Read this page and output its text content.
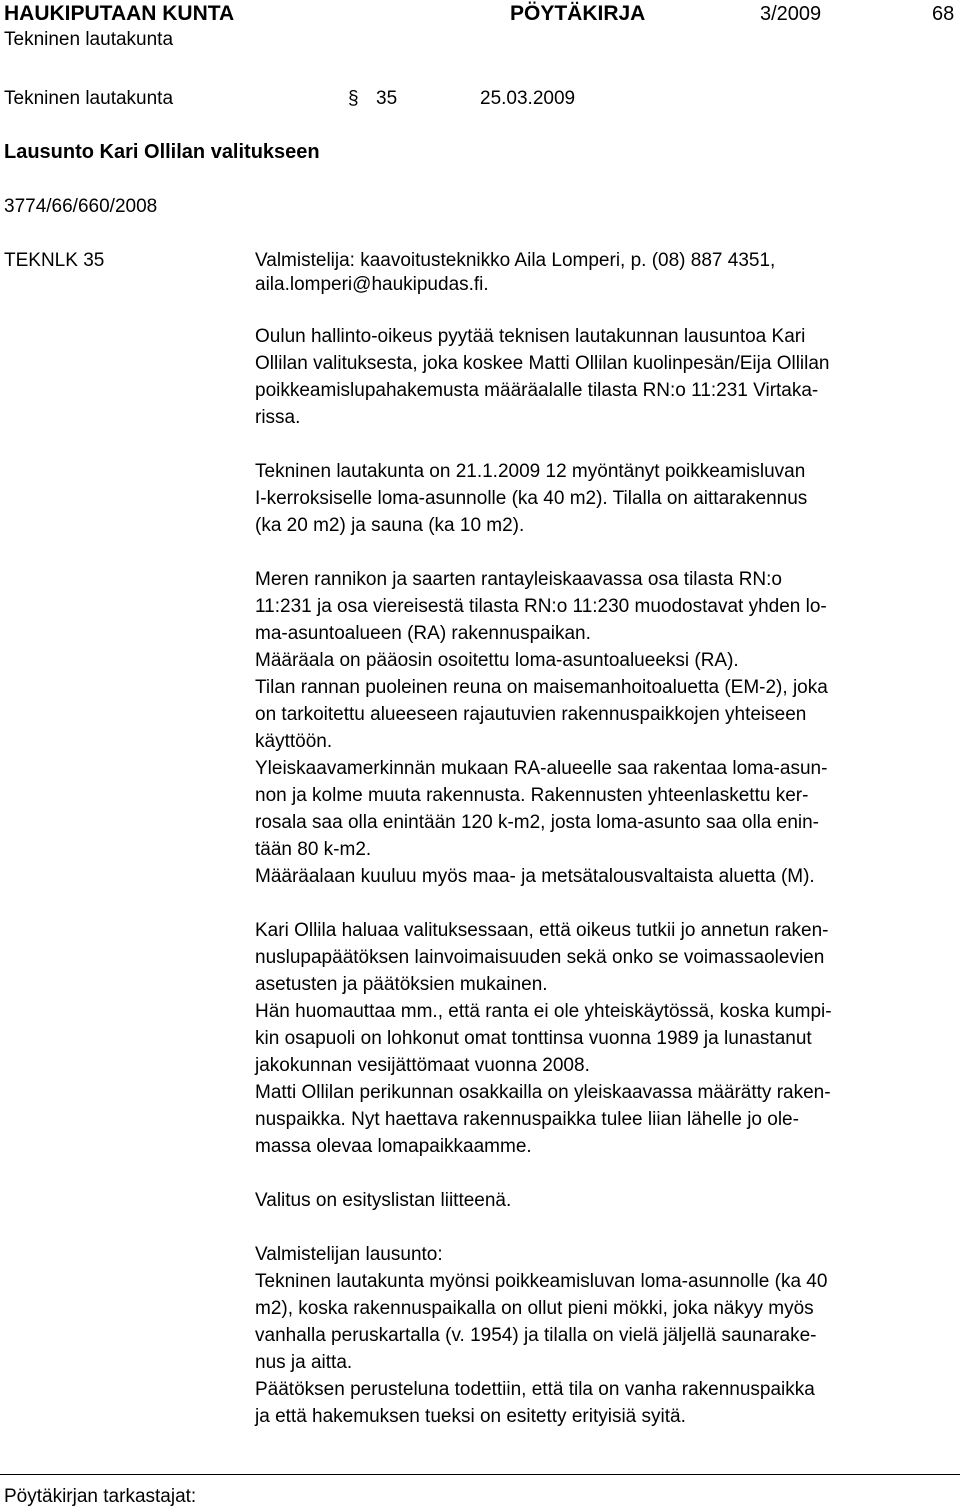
HAUKIPUTAAN KUNTA	PÖYTÄKIRJA	3/2009	68
Tekninen lautakunta
Tekninen lautakunta	§ 35	25.03.2009
Lausunto Kari Ollilan valitukseen
3774/66/660/2008
TEKNLK 35	Valmistelija: kaavoitusteknikko Aila Lomperi, p. (08) 887 4351,
aila.lomperi@haukipudas.fi.
Oulun hallinto-oikeus pyytää teknisen lautakunnan lausuntoa Kari
Ollilan valituksesta, joka koskee Matti Ollilan kuolinpesän/Eija Ollilan
poikkeamislupahakemusta määräalalle tilasta RN:o 11:231 Virtaka-
rissa.
Tekninen lautakunta on 21.1.2009 12 myöntänyt poikkeamisluvan
I-kerroksiselle loma-asunnolle (ka 40 m2). Tilalla on aittarakennus
(ka 20 m2) ja sauna (ka 10 m2).
Meren rannikon ja saarten rantayleiskaavassa osa tilasta RN:o
11:231 ja osa viereisestä tilasta RN:o 11:230 muodostavat yhden lo-
ma-asuntoalueen (RA) rakennuspaikan.
Määräala on pääosin osoitettu loma-asuntoalueeksi (RA).
Tilan rannan puoleinen reuna on maisemanhoitoaluetta (EM-2), joka
on tarkoitettu alueeseen rajautuvien rakennuspaikkojen yhteiseen
käyttöön.
Yleiskaavamerkinnän mukaan RA-alueelle saa rakentaa loma-asun-
non ja kolme muuta rakennusta. Rakennusten yhteenlaskettu ker-
rosala saa olla enintään 120 k-m2, josta loma-asunto saa olla enin-
tään 80 k-m2.
Määräalaan kuuluu myös maa- ja metsätalousvaltaista aluetta (M).
Kari Ollila haluaa valituksessaan, että oikeus tutkii jo annetun raken-
nuslupapäätöksen lainvoimaisuuden sekä onko se voimassaolevien
asetusten ja päätöksien mukainen.
Hän huomauttaa mm., että ranta ei ole yhteiskäytössä, koska kumpi-
kin osapuoli on lohkonut omat tonttinsa vuonna 1989 ja lunastanut
jakokunnan vesijättömaat vuonna 2008.
Matti Ollilan perikunnan osakkailla on yleiskaavassa määrätty raken-
nuspaikka. Nyt haettava rakennuspaikka tulee liian lähelle jo ole-
massa olevaa lomapaikkaamme.
Valitus on esityslistan liitteenä.
Valmistelijan lausunto:
Tekninen lautakunta myönsi poikkeamisluvan loma-asunnolle (ka 40
m2), koska rakennuspaikalla on ollut pieni mökki, joka näkyy myös
vanhalla peruskartalla (v. 1954) ja tilalla on vielä jäljellä saunarake-
nus ja aitta.
Päätöksen perusteluna todettiin, että tila on vanha rakennuspaikka
ja että hakemuksen tueksi on esitetty erityisiä syitä.
Pöytäkirjan tarkastajat:
